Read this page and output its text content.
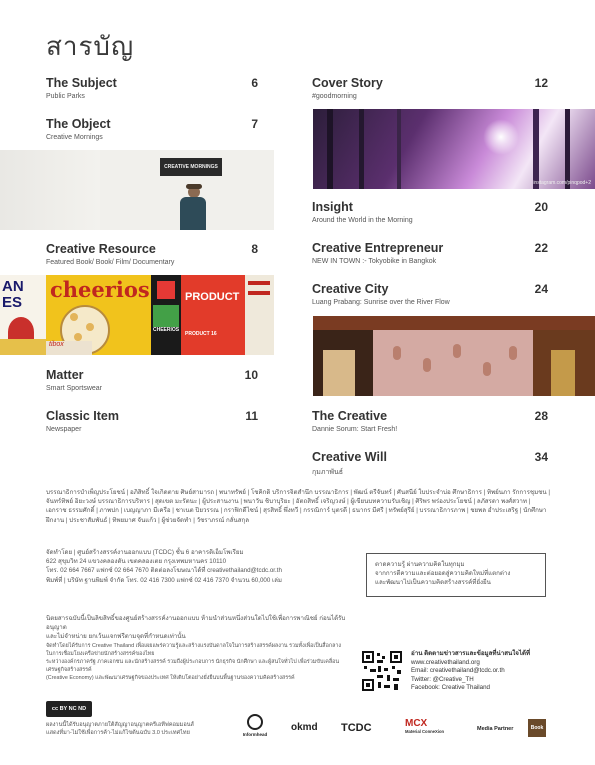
สารบัญ
The Subject	6
Public Parks
The Object	7
Creative Mornings
CREATIVE MORNINGS
Creative Resource	8
Featured Book/ Book/ Film/ Documentary
AN
ES
cheerios
tibox
CHEERIOS
PRODUCT
PRODUCT 16
Matter	10
Smart Sportswear
Classic Item	11
Newspaper
Cover Story	12
#goodmorning
instagram.com/pinqpod+2
Insight	20
Around the World in the Morning
Creative Entrepreneur	22
NEW IN TOWN :- Tokyobike in Bangkok
Creative City	24
Luang Prabang: Sunrise over the River Flow
The Creative	28
Dannie Sorum: Start Fresh!
Creative Will	34
กุมภาพันธ์
บรรณาธิการบำเพ็ญประโยชน์ | อภิสิทธิ์ ใจเกิดตาย ศิษย์สามารถ | พนาทรัพย์ | โชคิกดิ บริการจิตสำนึก บรรณาธิการ | พัฒน์ ตรีจันทร์ | ศันสนีย์ ใบประจำบ่อ ศึกษาธิการ | ทิพย์นภา รักการชุมชน | จันทร์ทิพย์ อิยะวงษ์ บรรณาธิการบริหาร | สุดเขต มะรัตนะ | ผู้ประสานงาน | พนาวัน ชิบาบุริยะ | อัตถสิทธิ์ เจริญวงษ์ | ผู้เขียนบทความรับเชิญ | ศิริพร พร่องประโยชน์ | ลภัสรดา พงศ์สวาท | เอกราช ธรรมศักดิ์ | ภาพปก | เบญญาภา มีเครือ | ชาเนต ปิยวรรณ | กราฟิกดีไซน์ | สุรสิทธิ์ พึ่งทวี | กรรณิการ์ บุตรดี | ธนากร มีศรี | ทรัพย์สุรีย์ | บรรณาธิการภาพ | ชยพล อ่ำประเสริฐ | นักศึกษาฝึกงาน | ประชาสัมพันธ์ | ทิพยมาศ จันแก้ว | ผู้ช่วยจัดทำ | วัชราภรณ์ กลั่นสกุล
จัดทำโดย | ศูนย์สร้างสรรค์งานออกแบบ (TCDC) ชั้น 6 อาคารดิเอ็มโพเรียม
622 สุขุมวิท 24 แขวงคลองตัน เขตคลองเตย กรุงเทพมหานคร 10110
โทร. 02 664 7667 แฟกซ์ 02 664 7670 ติดต่อลงโฆษณาได้ที่ creativethailand@tcdc.or.th
พิมพ์ที่ | บริษัท ฐานพิมพ์ จำกัด โทร. 02 416 7300 แฟกซ์ 02 416 7370 จำนวน 60,000 เล่ม
ตาดความรู้ ผ่านความคิดในทุกมุม
จากการตีความและต่อยอดสู่ความคิดใหม่ที่แตกต่าง
และพัฒนาไปเป็นความคิดสร้างสรรค์ที่ยั่งยืน
นิตยสารฉบับนี้เป็นลิขสิทธิ์ของศูนย์สร้างสรรค์งานออกแบบ ห้ามนำส่วนหนึ่งส่วนใดไปใช้เพื่อการพาณิชย์ ก่อนได้รับอนุญาต
และไม่จำหน่าย ยกเว้นแจกฟรีตามจุดที่กำหนดเท่านั้น
จัดทำโดยได้รับการ Creative Thailand เพื่อเผยแพร่ความรู้และสร้างแรงบันดาลใจในการสร้างสรรค์ผลงาน รวมทั้งเพื่อเป็นสื่อกลาง ในการเชื่อมโยงเครือข่ายนักสร้างสรรค์ของไทย
ระหว่างองค์กรภาครัฐ ภาคเอกชน และนักสร้างสรรค์ รวมถึงผู้ประกอบการ นักธุรกิจ นักศึกษา และผู้สนใจทั่วไป เพื่อร่วมขับเคลื่อนเศรษฐกิจสร้างสรรค์
(Creative Economy) และพัฒนาเศรษฐกิจของประเทศ ให้เติบโตอย่างยั่งยืนบนพื้นฐานของความคิดสร้างสรรค์
อ่าน ติดตามข่าวสารและข้อมูลที่น่าสนใจได้ที่
www.creativethailand.org
Email: creativethailand@tcdc.or.th
Twitter: @Creative_TH
Facebook: Creative Thailand
cc BY NC ND
ผลงานนี้ได้รับอนุญาตภายใต้สัญญาอนุญาตครีเอทีฟคอมมอนส์
แสดงที่มา-ไม่ใช้เพื่อการค้า-ไม่แก้ไขต้นฉบับ 3.0 ประเทศไทย	Informhead
okmd TCDC	MCX
Material ConneXion	Media Partner	Book
